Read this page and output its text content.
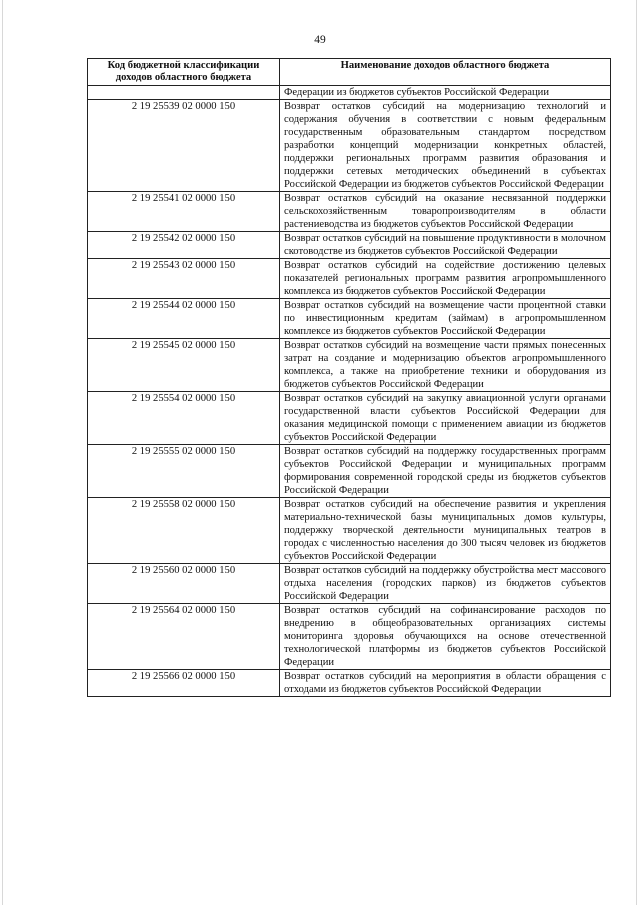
49
Код бюджетной классификации доходов областного бюджета	Наименование доходов областного бюджета
	Федерации из бюджетов субъектов Российской Федерации
2 19 25539 02 0000 150	Возврат остатков субсидий на модернизацию технологий и содержания обучения в соответствии с новым федеральным государственным образовательным стандартом посредством разработки концепций модернизации конкретных областей, поддержки региональных программ развития образования и поддержки сетевых методических объединений в субъектах Российской Федерации из бюджетов субъектов Российской Федерации
2 19 25541 02 0000 150	Возврат остатков субсидий на оказание несвязанной поддержки сельскохозяйственным товаропроизводителям в области растениеводства из бюджетов субъектов Российской Федерации
2 19 25542 02 0000 150	Возврат остатков субсидий на повышение продуктивности в молочном скотоводстве из бюджетов субъектов Российской Федерации
2 19 25543 02 0000 150	Возврат остатков субсидий на содействие достижению целевых показателей региональных программ развития агропромышленного комплекса из бюджетов субъектов Российской Федерации
2 19 25544 02 0000 150	Возврат остатков субсидий на возмещение части процентной ставки по инвестиционным кредитам (займам) в агропромышленном комплексе из бюджетов субъектов Российской Федерации
2 19 25545 02 0000 150	Возврат остатков субсидий на возмещение части прямых понесенных затрат на создание и модернизацию объектов агропромышленного комплекса, а также на приобретение техники и оборудования из бюджетов субъектов Российской Федерации
2 19 25554 02 0000 150	Возврат остатков субсидий на закупку авиационной услуги органами государственной власти субъектов Российской Федерации для оказания медицинской помощи с применением авиации из бюджетов субъектов Российской Федерации
2 19 25555 02 0000 150	Возврат остатков субсидий на поддержку государственных программ субъектов Российской Федерации и муниципальных программ формирования современной городской среды из бюджетов субъектов Российской Федерации
2 19 25558 02 0000 150	Возврат остатков субсидий на обеспечение развития и укрепления материально-технической базы муниципальных домов культуры, поддержку творческой деятельности муниципальных театров в городах с численностью населения до 300 тысяч человек из бюджетов субъектов Российской Федерации
2 19 25560 02 0000 150	Возврат остатков субсидий на поддержку обустройства мест массового отдыха населения (городских парков) из бюджетов субъектов Российской Федерации
2 19 25564 02 0000 150	Возврат остатков субсидий на софинансирование расходов по внедрению в общеобразовательных организациях системы мониторинга здоровья обучающихся на основе отечественной технологической платформы из бюджетов субъектов Российской Федерации
2 19 25566 02 0000 150	Возврат остатков субсидий на мероприятия в области обращения с отходами из бюджетов субъектов Российской Федерации
